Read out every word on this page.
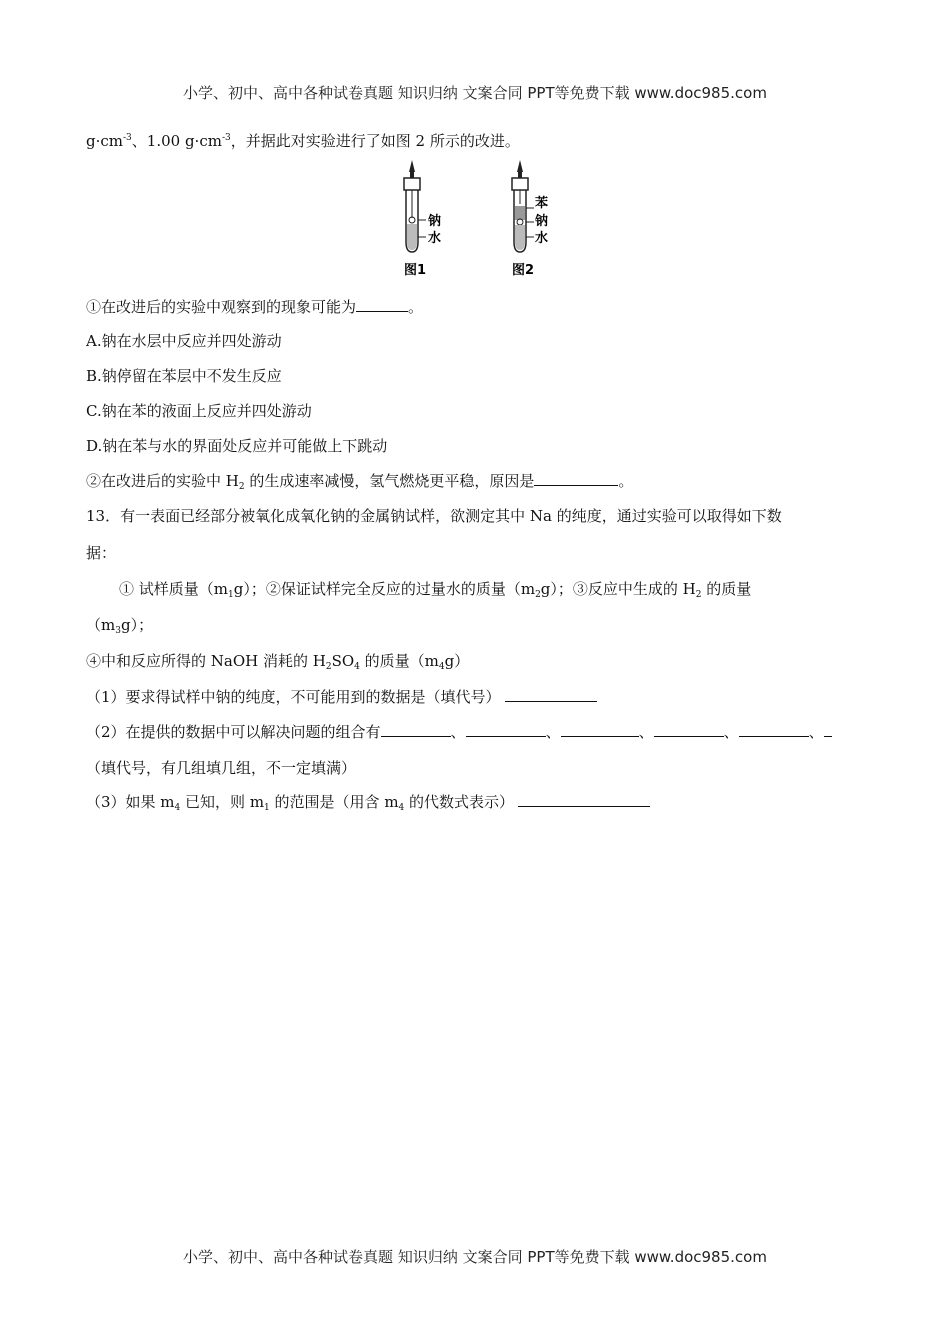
小学、初中、高中各种试卷真题 知识归纳 文案合同 PPT等免费下载 www.doc985.com
$g\cdot cm^{-3}$、1.00 $g\cdot cm^{-3}$，并据此对实验进行了如图 2 所示的改进。
钠
水
图1
苯
钠
水
图2
①在改进后的实验中观察到的现象可能为	。
A.钠在水层中反应并四处游动
B.钠停留在苯层中不发生反应
C.钠在苯的液面上反应并四处游动
D.钠在苯与水的界面处反应并可能做上下跳动
②在改进后的实验中 $H_2$ 的生成速率减慢，氢气燃烧更平稳，原因是	。
13．有一表面已经部分被氧化成氧化钠的金属钠试样，欲测定其中 Na 的纯度，通过实验可以取得如下数
据：
① 试样质量$(m_1g)$；②保证试样完全反应的过量水的质量$(m_2g)$；③反应中生成的 $H_2$ 的质量
$(m_3g)$；
④中和反应所得的 NaOH 消耗的 $H_2SO_4$ 的质量$(m_4g)$
（1）要求得试样中钠的纯度，不可能用到的数据是（填代号）
（2）在提供的数据中可以解决问题的组合有	、	、	、	、	、
（填代号，有几组填几组，不一定填满）
（3）如果 $m_4$ 已知，则 $m_1$ 的范围是（用含 $m_4$ 的代数式表示）
小学、初中、高中各种试卷真题 知识归纳 文案合同 PPT等免费下载 www.doc985.com
